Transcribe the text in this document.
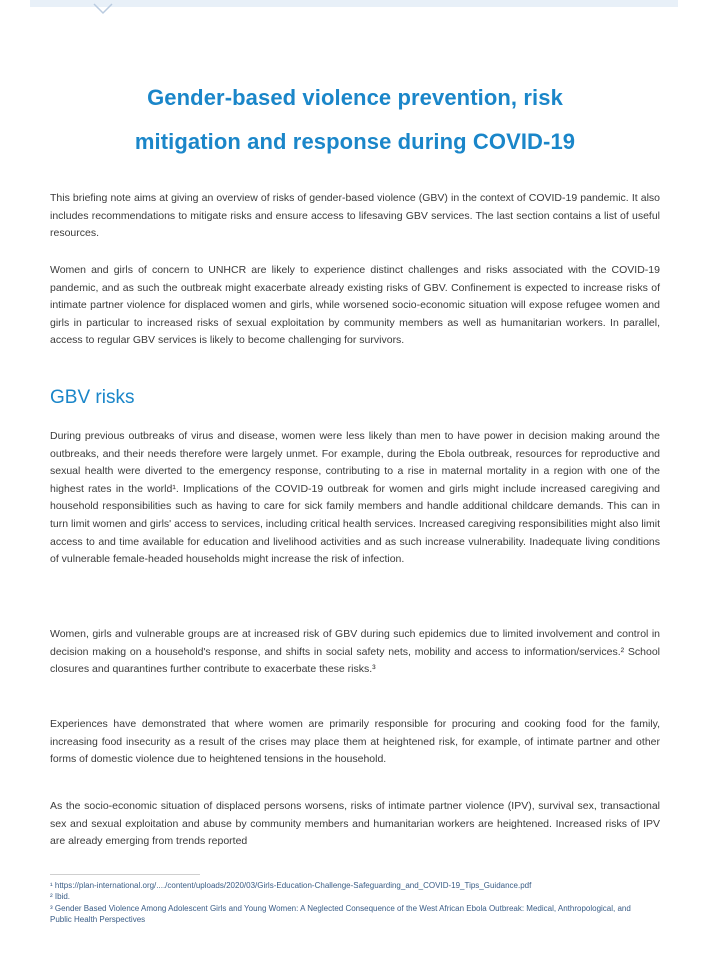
Gender-based violence prevention, risk
mitigation and response during COVID-19

This briefing note aims at giving an overview of risks of gender-based violence (GBV) in the context of COVID-19 pandemic. It also includes recommendations to mitigate risks and ensure access to lifesaving GBV services. The last section contains a list of useful resources.

Women and girls of concern to UNHCR are likely to experience distinct challenges and risks associated with the COVID-19 pandemic, and as such the outbreak might exacerbate already existing risks of GBV. Confinement is expected to increase risks of intimate partner violence for displaced women and girls, while worsened socio-economic situation will expose refugee women and girls in particular to increased risks of sexual exploitation by community members as well as humanitarian workers. In parallel, access to regular GBV services is likely to become challenging for survivors.

GBV risks

During previous outbreaks of virus and disease, women were less likely than men to have power in decision making around the outbreaks, and their needs therefore were largely unmet. For example, during the Ebola outbreak, resources for reproductive and sexual health were diverted to the emergency response, contributing to a rise in maternal mortality in a region with one of the highest rates in the world¹. Implications of the COVID-19 outbreak for women and girls might include increased caregiving and household responsibilities such as having to care for sick family members and handle additional childcare demands. This can in turn limit women and girls' access to services, including critical health services. Increased caregiving responsibilities might also limit access to and time available for education and livelihood activities and as such increase vulnerability. Inadequate living conditions of vulnerable female-headed households might increase the risk of infection.

Women, girls and vulnerable groups are at increased risk of GBV during such epidemics due to limited involvement and control in decision making on a household's response, and shifts in social safety nets, mobility and access to information/services.² School closures and quarantines further contribute to exacerbate these risks.³

Experiences have demonstrated that where women are primarily responsible for procuring and cooking food for the family, increasing food insecurity as a result of the crises may place them at heightened risk, for example, of intimate partner and other forms of domestic violence due to heightened tensions in the household.

As the socio-economic situation of displaced persons worsens, risks of intimate partner violence (IPV), survival sex, transactional sex and sexual exploitation and abuse by community members and humanitarian workers are heightened. Increased risks of IPV are already emerging from trends reported

¹ https://plan-international.org/..../content/uploads/2020/03/Girls-Education-Challenge-Safeguarding_and_COVID-19_Tips_Guidance.pdf
² Ibid.
³ Gender Based Violence Among Adolescent Girls and Young Women: A Neglected Consequence of the West African Ebola Outbreak: Medical, Anthropological, and Public Health Perspectives
